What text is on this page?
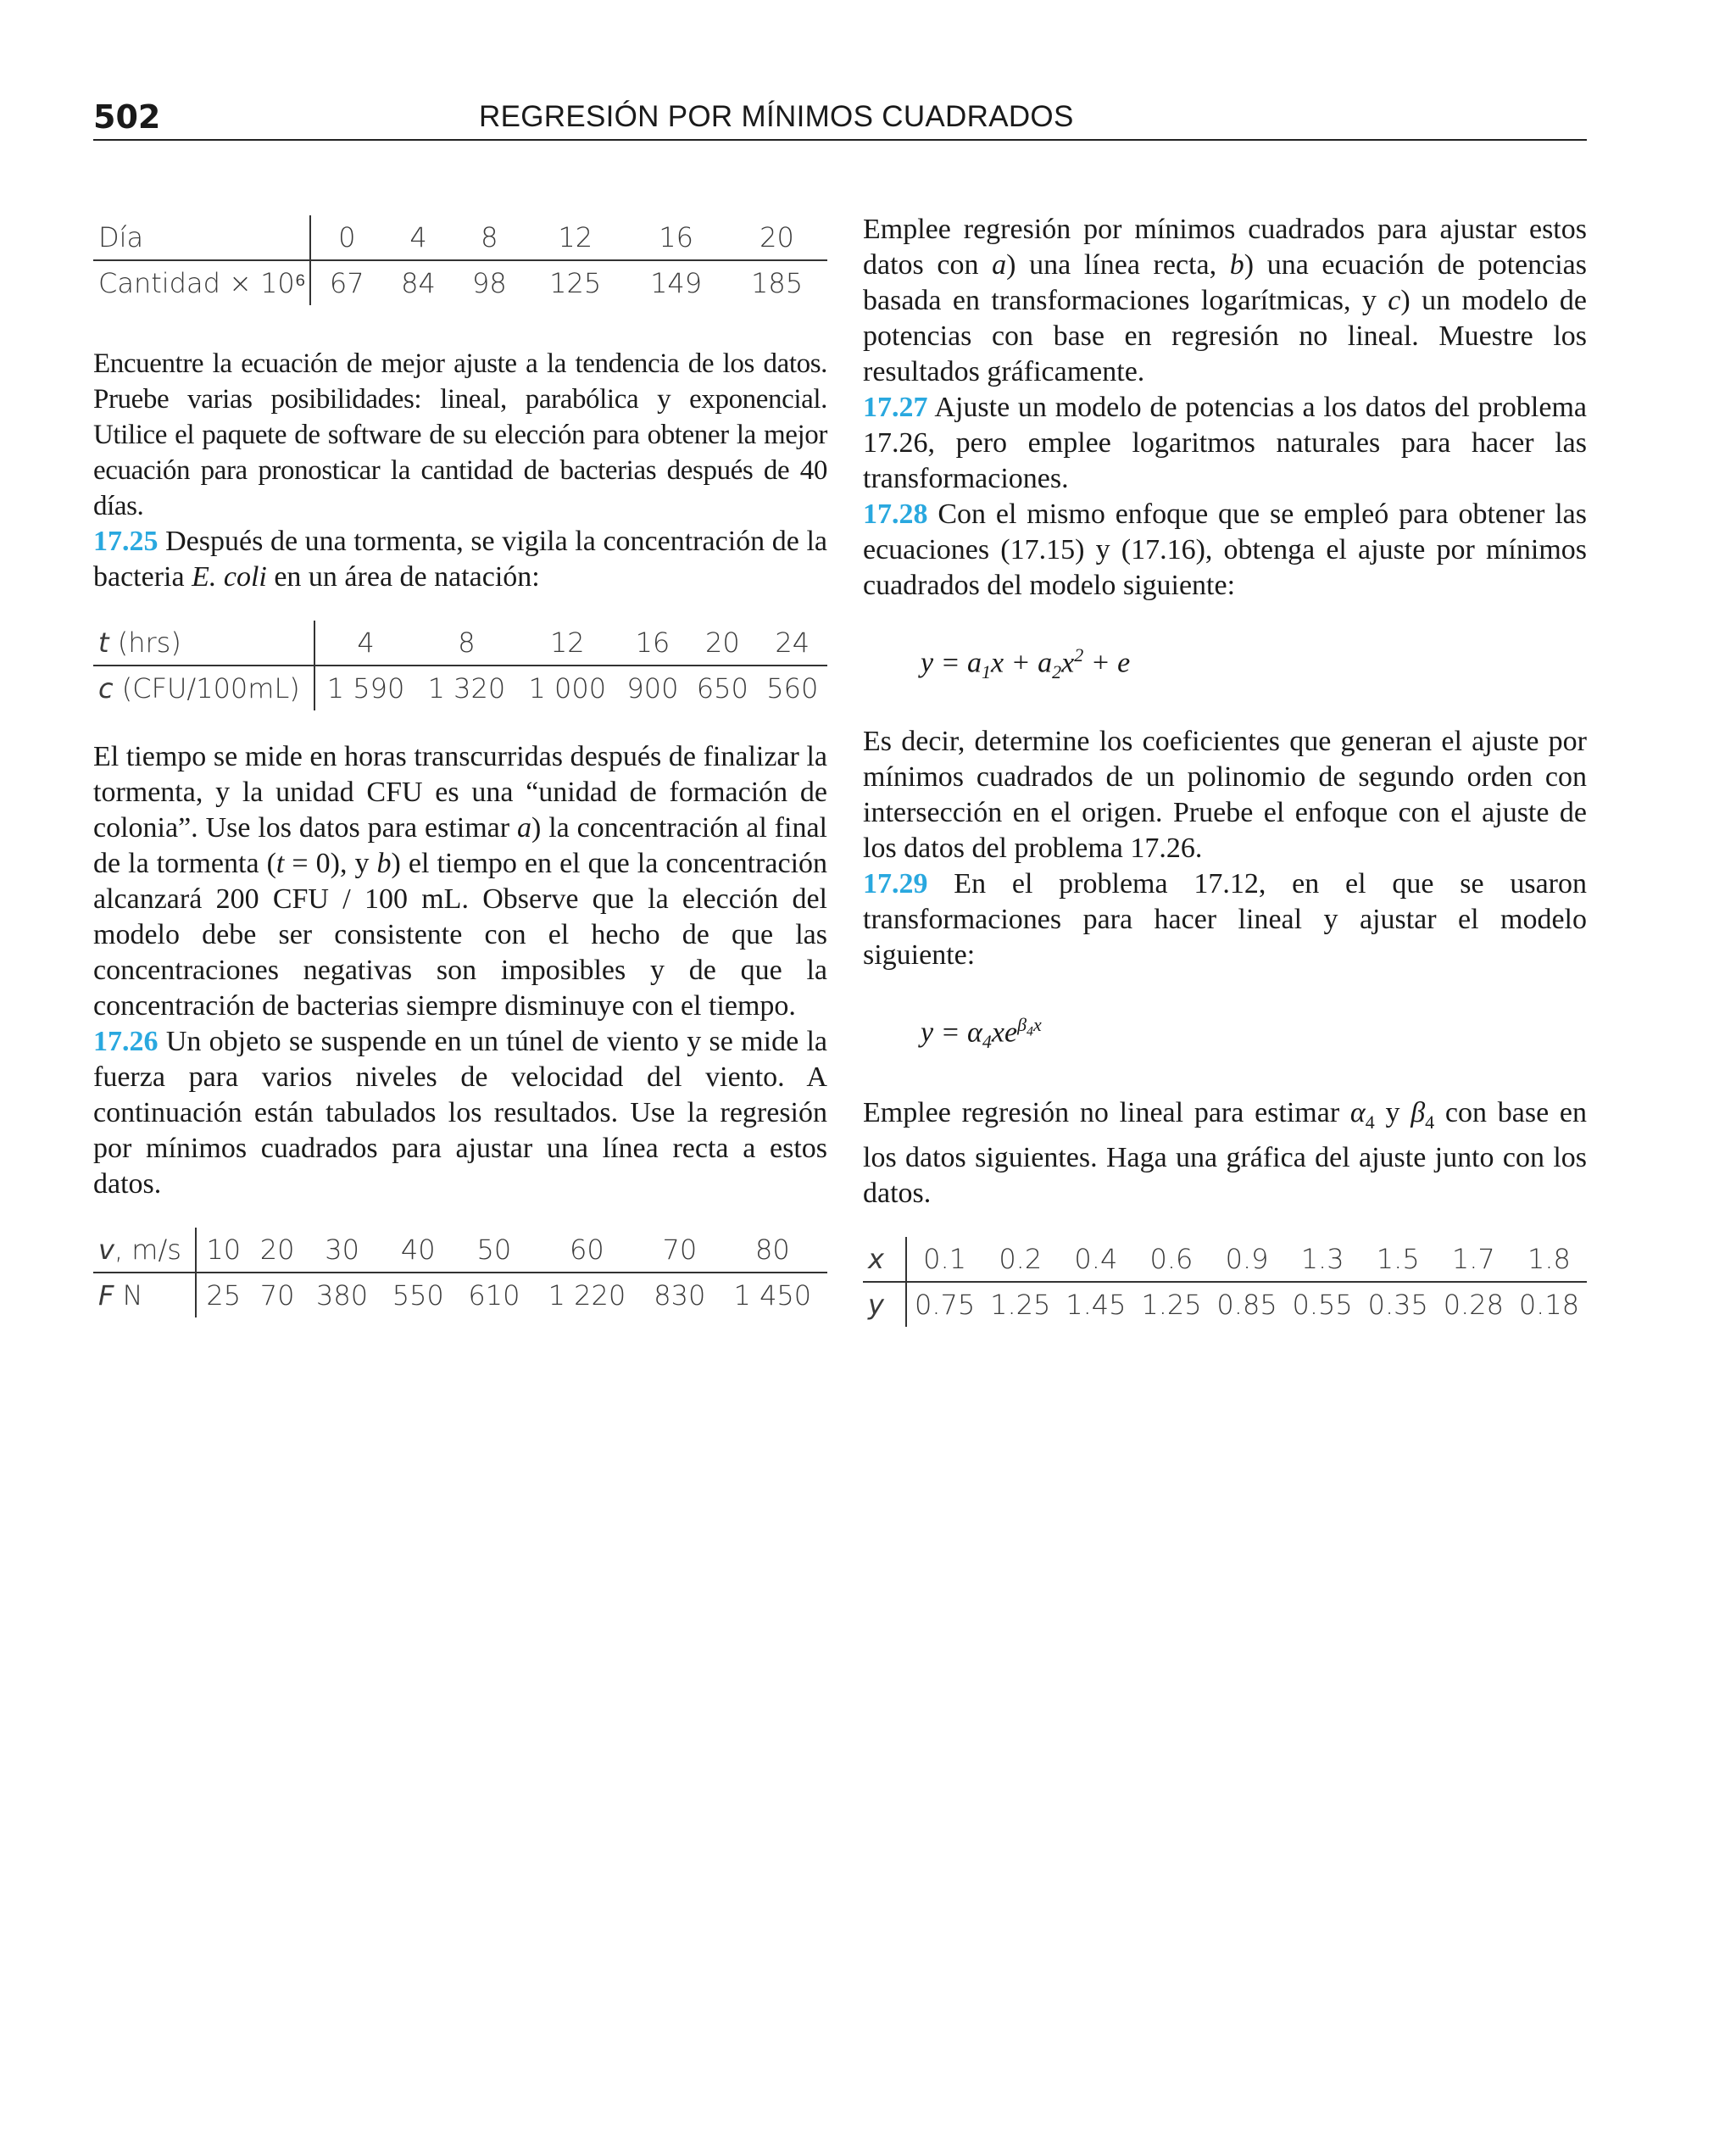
502	REGRESIÓN POR MÍNIMOS CUADRADOS
Día	0	4	8	12	16	20
Cantidad × 10⁶	67	84	98	125	149	185

Encuentre la ecuación de mejor ajuste a la tendencia de los datos. Pruebe varias posibilidades: lineal, parabólica y exponencial. Utilice el paquete de software de su elección para obtener la mejor ecuación para pronosticar la cantidad de bacterias después de 40 días.

17.25 Después de una tormenta, se vigila la concentración de la bacteria E. coli en un área de natación:

t (hrs)	4	8	12	16	20	24
c (CFU/100mL)	1 590	1 320	1 000	900	650	560

El tiempo se mide en horas transcurridas después de finalizar la tormenta, y la unidad CFU es una “unidad de formación de colonia”. Use los datos para estimar a) la concentración al final de la tormenta (t = 0), y b) el tiempo en el que la concentración alcanzará 200 CFU / 100 mL. Observe que la elección del modelo debe ser consistente con el hecho de que las concentraciones negativas son imposibles y de que la concentración de bacterias siempre disminuye con el tiempo.

17.26 Un objeto se suspende en un túnel de viento y se mide la fuerza para varios niveles de velocidad del viento. A continuación están tabulados los resultados. Use la regresión por mínimos cuadrados para ajustar una línea recta a estos datos.

v, m/s	10	20	30	40	50	60	70	80
F N	25	70	380	550	610	1 220	830	1 450

Emplee regresión por mínimos cuadrados para ajustar estos datos con a) una línea recta, b) una ecuación de potencias basada en transformaciones logarítmicas, y c) un modelo de potencias con base en regresión no lineal. Muestre los resultados gráficamente.

17.27 Ajuste un modelo de potencias a los datos del problema 17.26, pero emplee logaritmos naturales para hacer las transformaciones.

17.28 Con el mismo enfoque que se empleó para obtener las ecuaciones (17.15) y (17.16), obtenga el ajuste por mínimos cuadrados del modelo siguiente:

$y = a_1x + a_2x^2 + e$

Es decir, determine los coeficientes que generan el ajuste por mínimos cuadrados de un polinomio de segundo orden con intersección en el origen. Pruebe el enfoque con el ajuste de los datos del problema 17.26.

17.29 En el problema 17.12, en el que se usaron transformaciones para hacer lineal y ajustar el modelo siguiente:

$y = \alpha_4xe^{\beta_4x}$

Emplee regresión no lineal para estimar $\alpha_4$ y $\beta_4$ con base en los datos siguientes. Haga una gráfica del ajuste junto con los datos.

x	0.1	0.2	0.4	0.6	0.9	1.3	1.5	1.7	1.8
y	0.75	1.25	1.45	1.25	0.85	0.55	0.35	0.28	0.18
